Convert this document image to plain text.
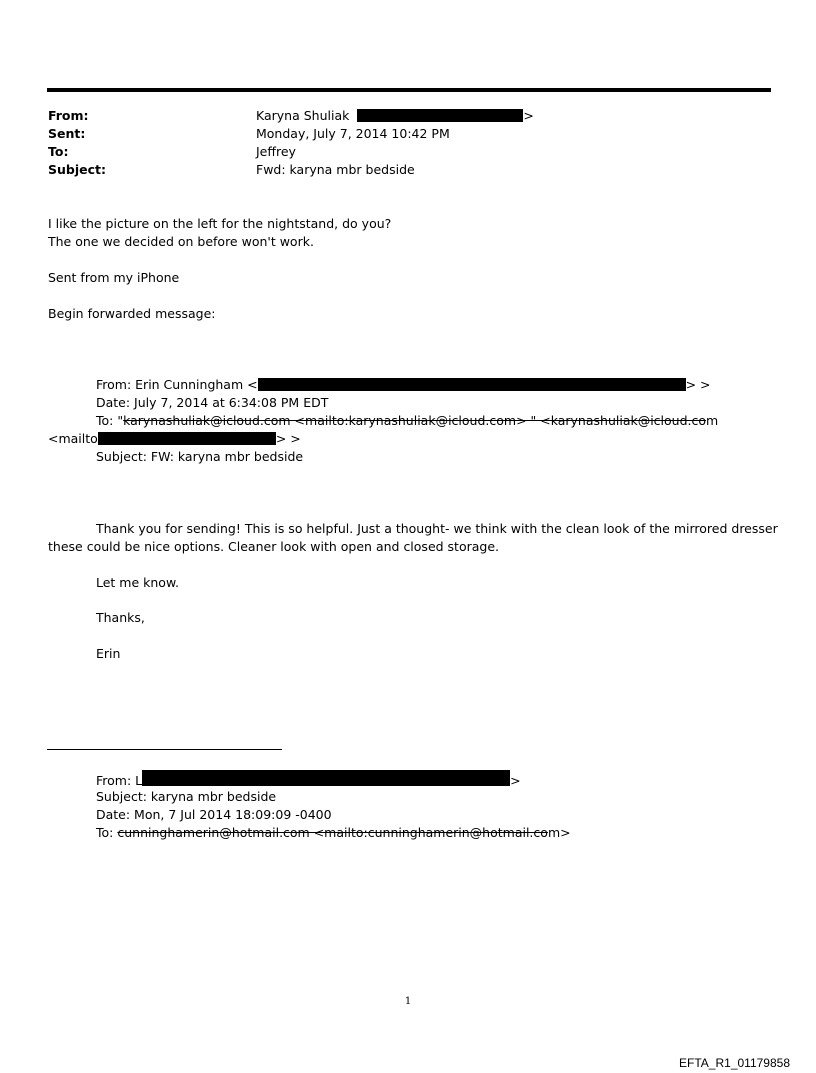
From:	Karyna Shuliak	>
Sent:	Monday, July 7, 2014 10:42 PM
To:	Jeffrey
Subject:	Fwd: karyna mbr bedside
I like the picture on the left for the nightstand, do you?
The one we decided on before won't work.
Sent from my iPhone
Begin forwarded message:
From: Erin Cunningham <	> >
Date: July 7, 2014 at 6:34:08 PM EDT
To: "karynashuliak@icloud.com <mailto:karynashuliak@icloud.com> " <karynashuliak@icloud.com
<mailto	> >
Subject: FW: karyna mbr bedside
Thank you for sending! This is so helpful. Just a thought- we think with the clean look of the mirrored dresser
these could be nice options. Cleaner look with open and closed storage.
Let me know.
Thanks,
Erin
From: L	>
Subject: karyna mbr bedside
Date: Mon, 7 Jul 2014 18:09:09 -0400
To: cunninghamerin@hotmail.com <mailto:cunninghamerin@hotmail.com>
1
EFTA_R1_01179858
